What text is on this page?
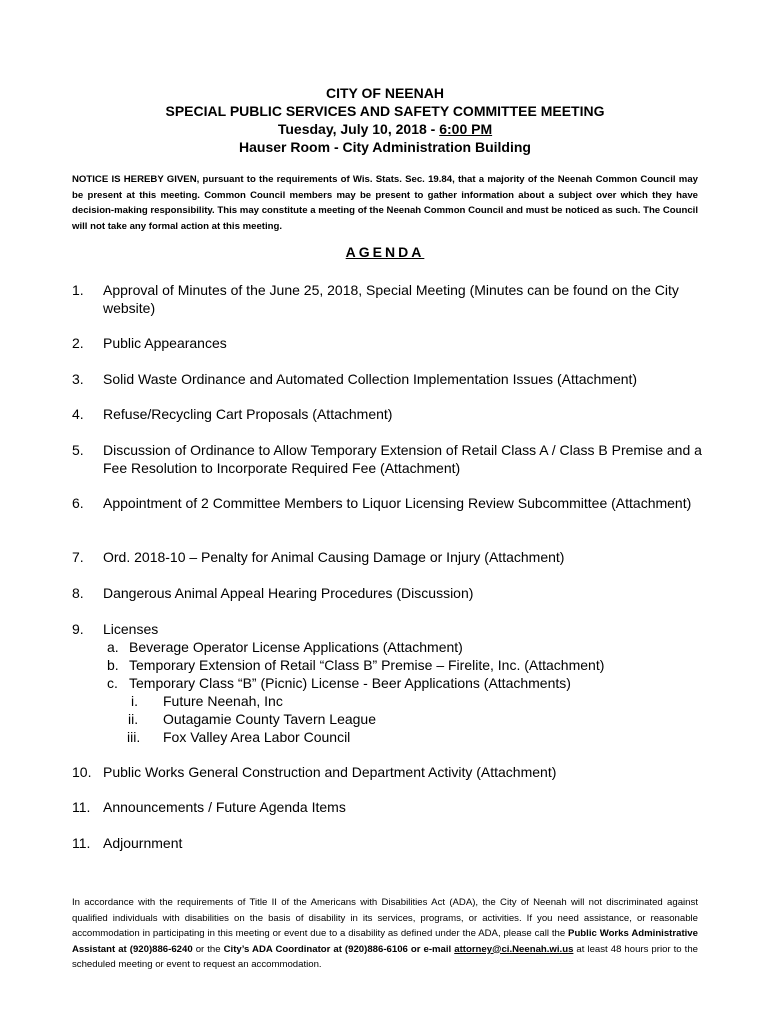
CITY OF NEENAH
SPECIAL PUBLIC SERVICES AND SAFETY COMMITTEE MEETING
Tuesday, July 10, 2018 - 6:00 PM
Hauser Room - City Administration Building
NOTICE IS HEREBY GIVEN, pursuant to the requirements of Wis. Stats. Sec. 19.84, that a majority of the Neenah Common Council may be present at this meeting. Common Council members may be present to gather information about a subject over which they have decision-making responsibility. This may constitute a meeting of the Neenah Common Council and must be noticed as such. The Council will not take any formal action at this meeting.
AGENDA
1. Approval of Minutes of the June 25, 2018, Special Meeting (Minutes can be found on the City website)
2. Public Appearances
3. Solid Waste Ordinance and Automated Collection Implementation Issues (Attachment)
4. Refuse/Recycling Cart Proposals (Attachment)
5. Discussion of Ordinance to Allow Temporary Extension of Retail Class A / Class B Premise and a Fee Resolution to Incorporate Required Fee (Attachment)
6. Appointment of 2 Committee Members to Liquor Licensing Review Subcommittee (Attachment)
7. Ord. 2018-10 – Penalty for Animal Causing Damage or Injury (Attachment)
8. Dangerous Animal Appeal Hearing Procedures (Discussion)
9. Licenses
a. Beverage Operator License Applications (Attachment)
b. Temporary Extension of Retail “Class B” Premise – Firelite, Inc. (Attachment)
c. Temporary Class “B” (Picnic) License - Beer Applications (Attachments)
i. Future Neenah, Inc
ii. Outagamie County Tavern League
iii. Fox Valley Area Labor Council
10. Public Works General Construction and Department Activity (Attachment)
11. Announcements / Future Agenda Items
11. Adjournment
In accordance with the requirements of Title II of the Americans with Disabilities Act (ADA), the City of Neenah will not discriminated against qualified individuals with disabilities on the basis of disability in its services, programs, or activities. If you need assistance, or reasonable accommodation in participating in this meeting or event due to a disability as defined under the ADA, please call the Public Works Administrative Assistant at (920)886-6240 or the City’s ADA Coordinator at (920)886-6106 or e-mail attorney@ci.Neenah.wi.us at least 48 hours prior to the scheduled meeting or event to request an accommodation.
